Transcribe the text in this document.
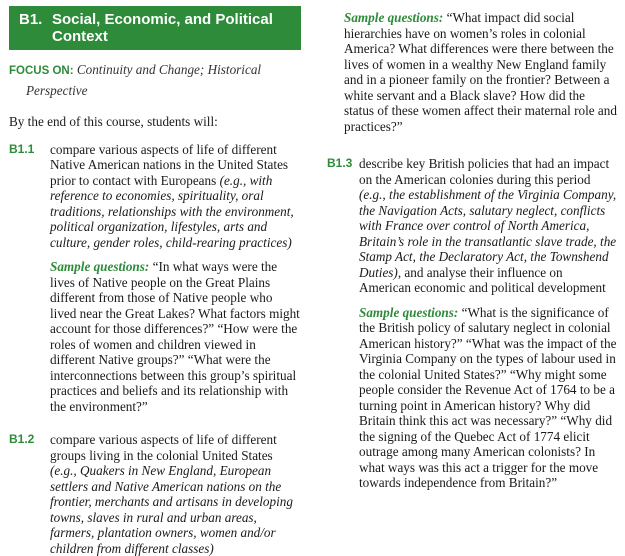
B1. Social, Economic, and Political Context
FOCUS ON: Continuity and Change; Historical
Perspective
By the end of this course, students will:
B1.1	compare various aspects of life of different Native American nations in the United States prior to contact with Europeans (e.g., with reference to economies, spirituality, oral traditions, relationships with the environment, political organization, lifestyles, arts and culture, gender roles, child-rearing practices)
Sample questions: “In what ways were the lives of Native people on the Great Plains different from those of Native people who lived near the Great Lakes? What factors might account for those differences?” “How were the roles of women and children viewed in different Native groups?” “What were the interconnections between this group’s spiritual practices and beliefs and its relationship with the environment?”
B1.2	compare various aspects of life of different groups living in the colonial United States (e.g., Quakers in New England, European settlers and Native American nations on the frontier, merchants and artisans in developing towns, slaves in rural and urban areas, farmers, plantation owners, women and/or children from different classes)
Sample questions: “What impact did social hierarchies have on women’s roles in colonial America? What differences were there between the lives of women in a wealthy New England family and in a pioneer family on the frontier? Between a white servant and a Black slave? How did the status of these women affect their maternal role and practices?”
B1.3 describe key British policies that had an impact on the American colonies during this period (e.g., the establishment of the Virginia Company, the Navigation Acts, salutary neglect, conflicts with France over control of North America, Britain’s role in the transatlantic slave trade, the Stamp Act, the Declaratory Act, the Townshend Duties), and analyse their influence on American economic and political development
Sample questions: “What is the significance of the British policy of salutary neglect in colonial American history?” “What was the impact of the Virginia Company on the types of labour used in the colonial United States?” “Why might some people consider the Revenue Act of 1764 to be a turning point in American history? Why did Britain think this act was necessary?” “Why did the signing of the Quebec Act of 1774 elicit outrage among many American colonists? In what ways was this act a trigger for the move towards independence from Britain?”
